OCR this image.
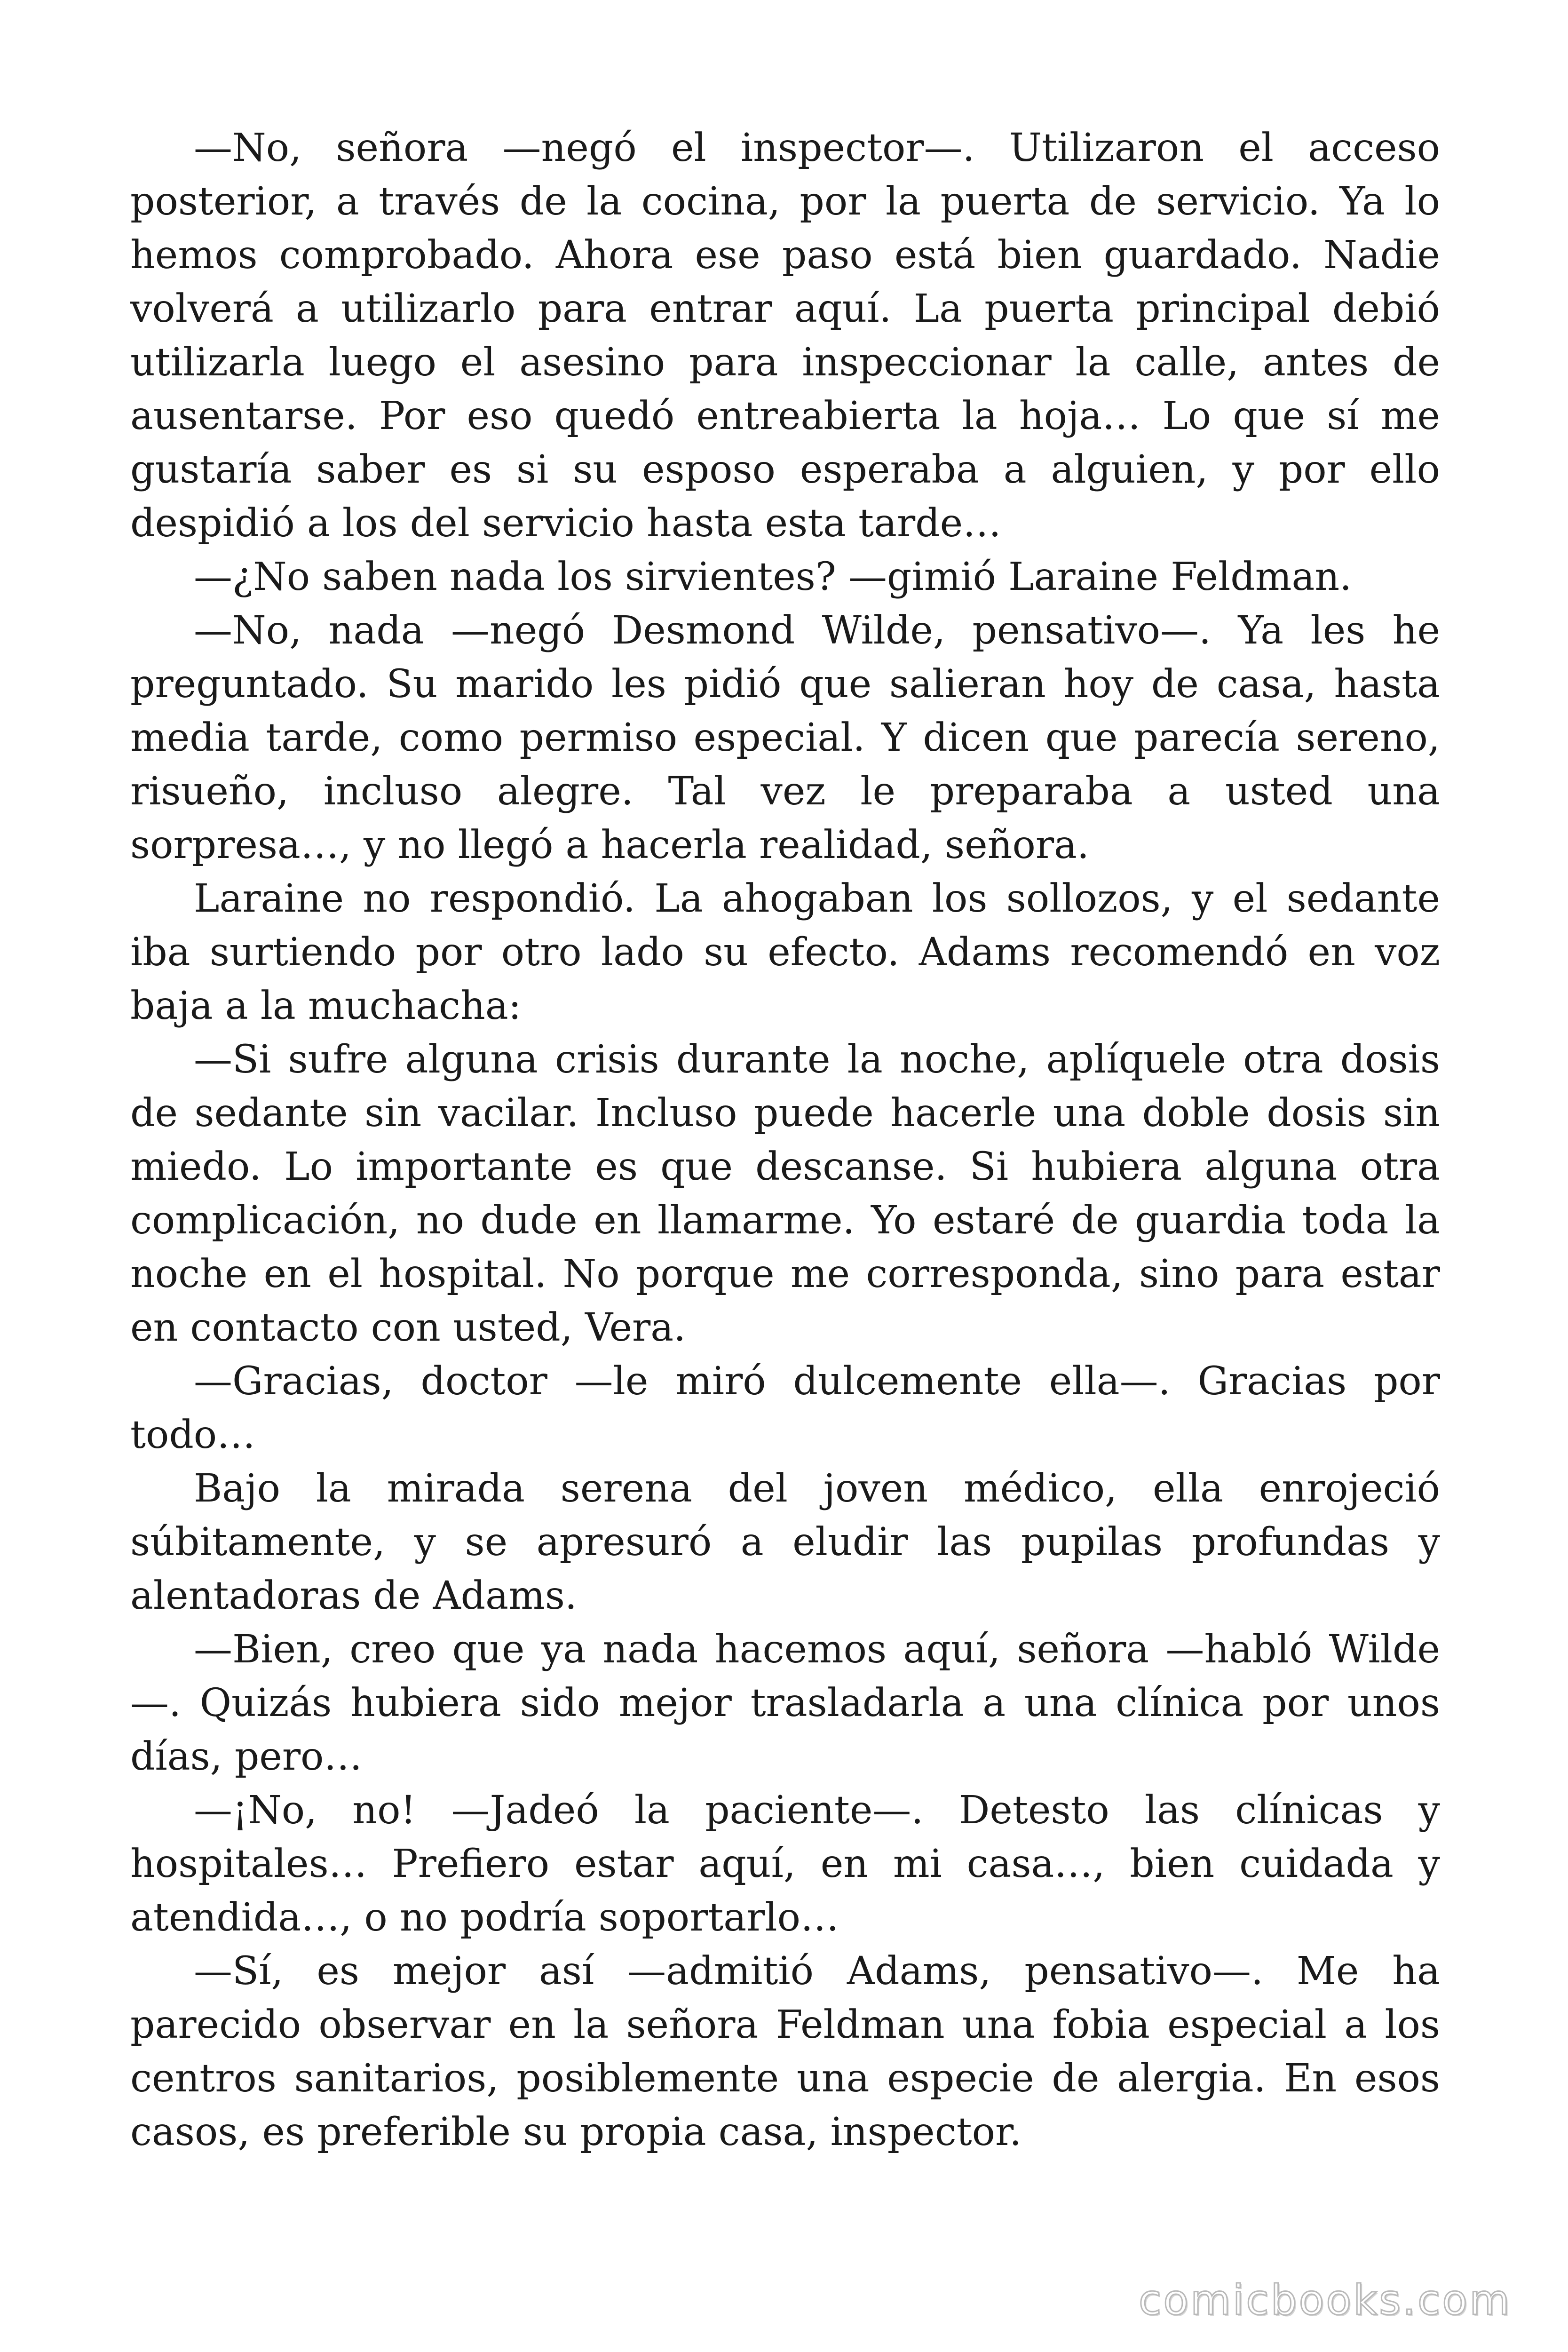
—No, señora —negó el inspector—. Utilizaron el acceso posterior, a través de la cocina, por la puerta de servicio. Ya lo hemos comprobado. Ahora ese paso está bien guardado. Nadie volverá a utilizarlo para entrar aquí. La puerta principal debió utilizarla luego el asesino para inspeccionar la calle, antes de ausentarse. Por eso quedó entreabierta la hoja… Lo que sí me gustaría saber es si su esposo esperaba a alguien, y por ello despidió a los del servicio hasta esta tarde…

—¿No saben nada los sirvientes? —gimió Laraine Feldman.

—No, nada —negó Desmond Wilde, pensativo—. Ya les he preguntado. Su marido les pidió que salieran hoy de casa, hasta media tarde, como permiso especial. Y dicen que parecía sereno, risueño, incluso alegre. Tal vez le preparaba a usted una sorpresa…, y no llegó a hacerla realidad, señora.

Laraine no respondió. La ahogaban los sollozos, y el sedante iba surtiendo por otro lado su efecto. Adams recomendó en voz baja a la muchacha:

—Si sufre alguna crisis durante la noche, aplíquele otra dosis de sedante sin vacilar. Incluso puede hacerle una doble dosis sin miedo. Lo importante es que descanse. Si hubiera alguna otra complicación, no dude en llamarme. Yo estaré de guardia toda la noche en el hospital. No porque me corresponda, sino para estar en contacto con usted, Vera.

—Gracias, doctor —le miró dulcemente ella—. Gracias por todo…

Bajo la mirada serena del joven médico, ella enrojeció súbitamente, y se apresuró a eludir las pupilas profundas y alentadoras de Adams.

—Bien, creo que ya nada hacemos aquí, señora —habló Wilde—. Quizás hubiera sido mejor trasladarla a una clínica por unos días, pero…

—¡No, no! —Jadeó la paciente—. Detesto las clínicas y hospitales… Prefiero estar aquí, en mi casa…, bien cuidada y atendida…, o no podría soportarlo…

—Sí, es mejor así —admitió Adams, pensativo—. Me ha parecido observar en la señora Feldman una fobia especial a los centros sanitarios, posiblemente una especie de alergia. En esos casos, es preferible su propia casa, inspector.

comicbooks.com
